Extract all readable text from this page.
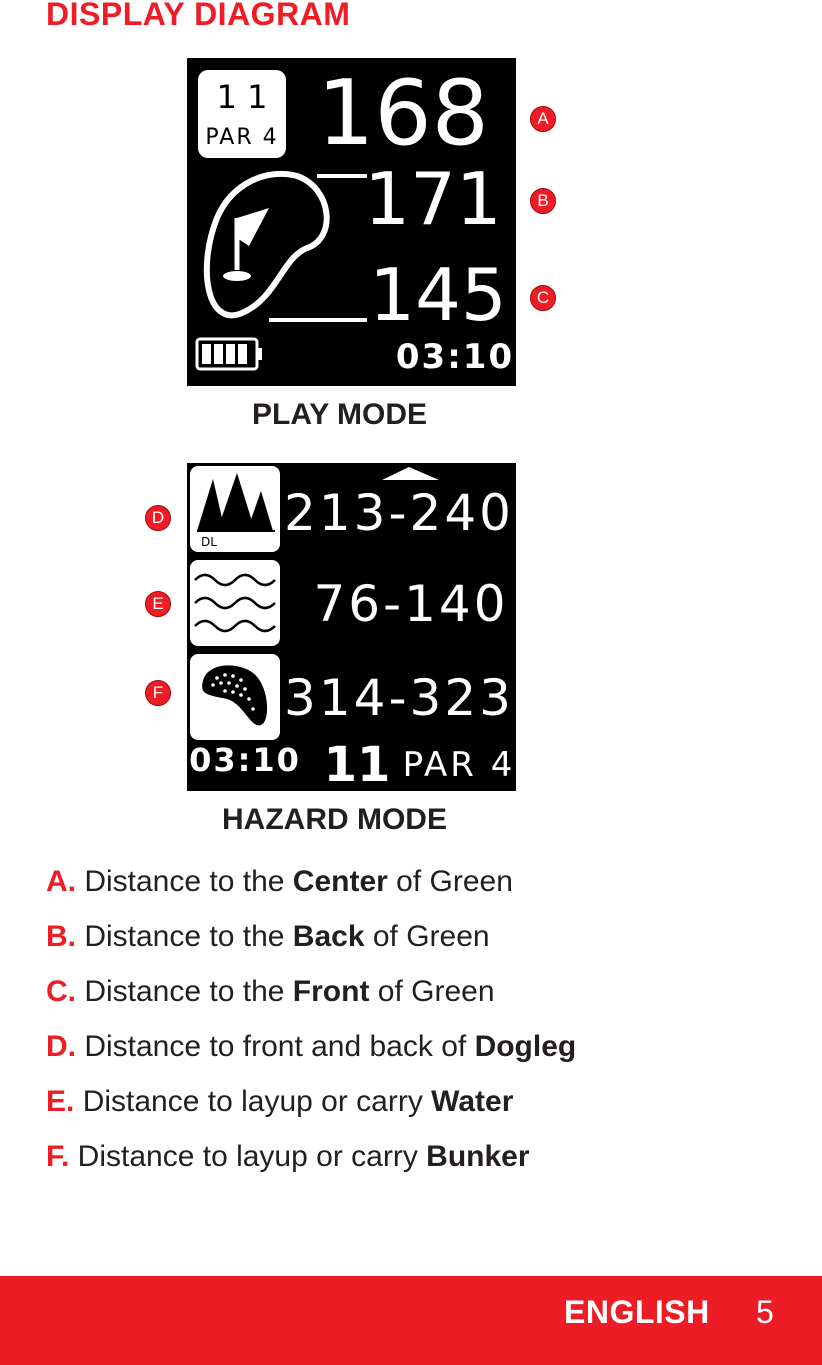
DISPLAY DIAGRAM
1 1
PAR 4 168
171
145
03:10
PLAY MODE
DL 213-240
76-140
314-323
03:10 11 PAR 4
HAZARD MODE
A
B
C
D
E
F
A. Distance to the Center of Green
B. Distance to the Back of Green
C. Distance to the Front of Green
D. Distance to front and back of Dogleg
E. Distance to layup or carry Water
F. Distance to layup or carry Bunker
ENGLISH 5
